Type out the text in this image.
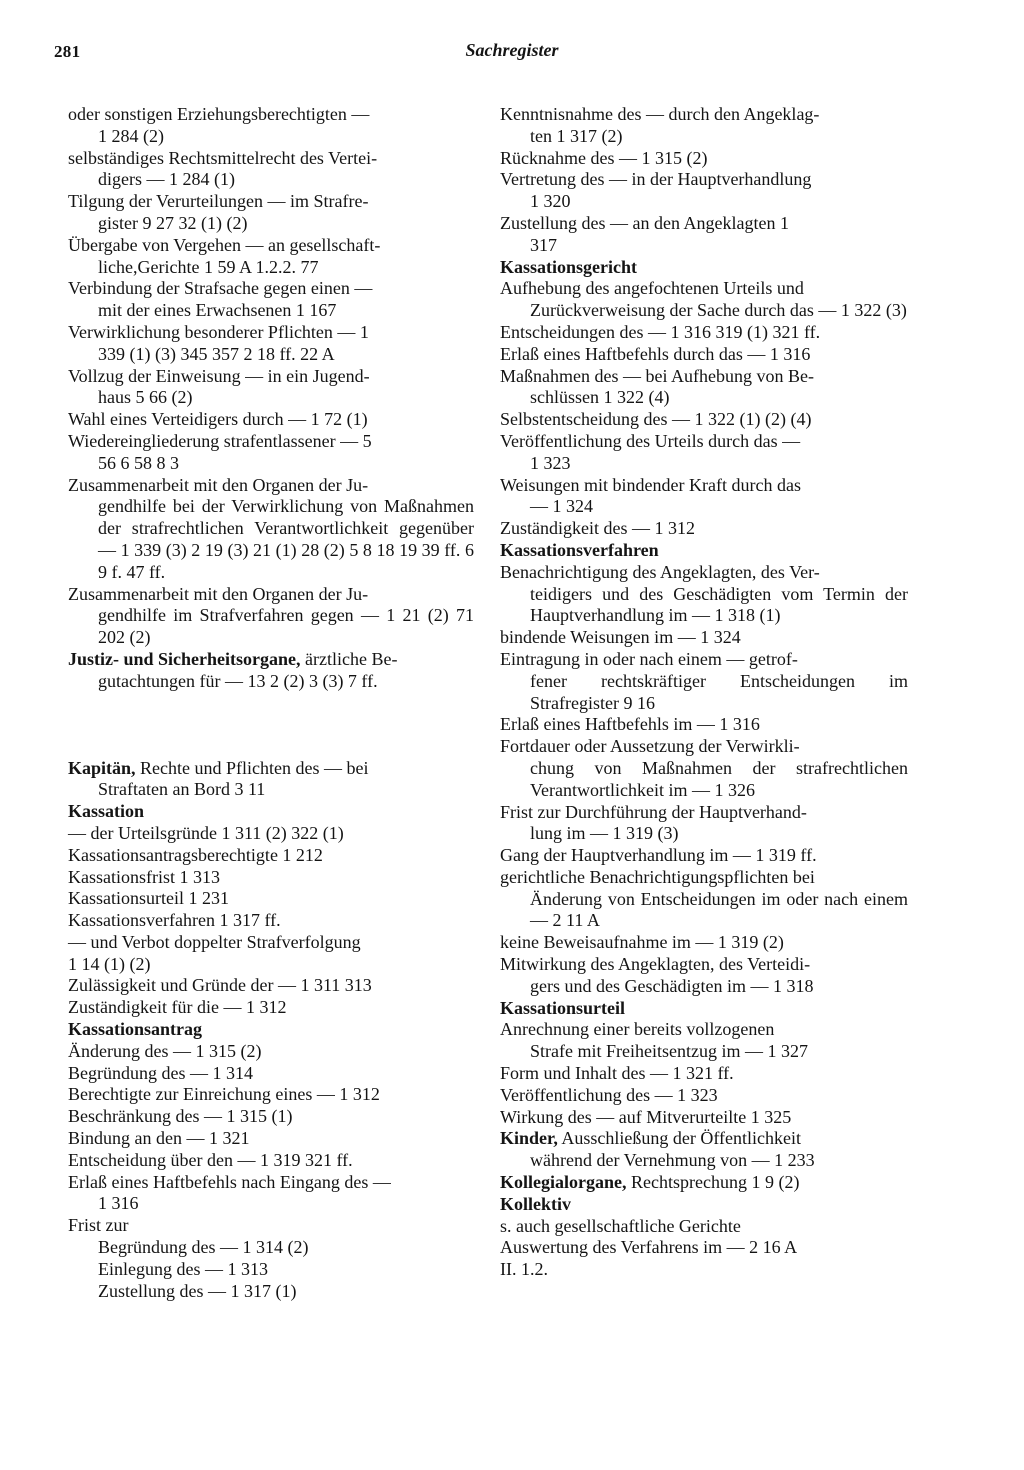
281	Sachregister
oder sonstigen Erziehungsberechtigten —
1 284 (2)
selbständiges Rechtsmittelrecht des Vertei-
digers — 1 284 (1)
Tilgung der Verurteilungen — im Strafre-
gister 9 27 32 (1) (2)
Übergabe von Vergehen — an gesellschaft-
liche,Gerichte 1 59 A 1.2.2. 77
Verbindung der Strafsache gegen einen —
mit der eines Erwachsenen 1 167
Verwirklichung besonderer Pflichten — 1
339 (1) (3) 345 357 2 18 ff. 22 A
Vollzug der Einweisung — in ein Jugend-
haus 5 66 (2)
Wahl eines Verteidigers durch — 1 72 (1)
Wiedereingliederung strafentlassener — 5
56 6 58 8 3
Zusammenarbeit mit den Organen der Ju-
gendhilfe bei der Verwirklichung von Maßnahmen der strafrechtlichen Verantwortlichkeit gegenüber — 1 339 (3) 2 19 (3) 21 (1) 28 (2) 5 8 18 19 39 ff. 6 9 f. 47 ff.
Zusammenarbeit mit den Organen der Ju-
gendhilfe im Strafverfahren gegen — 1 21 (2) 71 202 (2)
Justiz- und Sicherheitsorgane, ärztliche Be-
gutachtungen für — 13 2 (2) 3 (3) 7 ff.
Kapitän, Rechte und Pflichten des — bei
Straftaten an Bord 3 11
Kassation
— der Urteilsgründe 1 311 (2) 322 (1)
Kassationsantragsberechtigte 1 212
Kassationsfrist 1 313
Kassationsurteil 1 231
Kassationsverfahren 1 317 ff.
— und Verbot doppelter Strafverfolgung
1 14 (1) (2)
Zulässigkeit und Gründe der — 1 311 313
Zuständigkeit für die — 1 312
Kassationsantrag
Änderung des — 1 315 (2)
Begründung des — 1 314
Berechtigte zur Einreichung eines — 1 312
Beschränkung des — 1 315 (1)
Bindung an den — 1 321
Entscheidung über den — 1 319 321 ff.
Erlaß eines Haftbefehls nach Eingang des —
1 316
Frist zur
Begründung des — 1 314 (2)
Einlegung des — 1 313
Zustellung des — 1 317 (1)
Kenntnisnahme des — durch den Angeklag-
ten 1 317 (2)
Rücknahme des — 1 315 (2)
Vertretung des — in der Hauptverhandlung
1 320
Zustellung des — an den Angeklagten 1
317
Kassationsgericht
Aufhebung des angefochtenen Urteils und
Zurückverweisung der Sache durch das — 1 322 (3)
Entscheidungen des — 1 316 319 (1) 321 ff.
Erlaß eines Haftbefehls durch das — 1 316
Maßnahmen des — bei Aufhebung von Be-
schlüssen 1 322 (4)
Selbstentscheidung des — 1 322 (1) (2) (4)
Veröffentlichung des Urteils durch das —
1 323
Weisungen mit bindender Kraft durch das
— 1 324
Zuständigkeit des — 1 312
Kassationsverfahren
Benachrichtigung des Angeklagten, des Ver-
teidigers und des Geschädigten vom Termin der Hauptverhandlung im — 1 318 (1)
bindende Weisungen im — 1 324
Eintragung in oder nach einem — getrof-
fener rechtskräftiger Entscheidungen im Strafregister 9 16
Erlaß eines Haftbefehls im — 1 316
Fortdauer oder Aussetzung der Verwirkli-
chung von Maßnahmen der strafrechtlichen Verantwortlichkeit im — 1 326
Frist zur Durchführung der Hauptverhand-
lung im — 1 319 (3)
Gang der Hauptverhandlung im — 1 319 ff.
gerichtliche Benachrichtigungspflichten bei
Änderung von Entscheidungen im oder nach einem — 2 11 A
keine Beweisaufnahme im — 1 319 (2)
Mitwirkung des Angeklagten, des Verteidi-
gers und des Geschädigten im — 1 318
Kassationsurteil
Anrechnung einer bereits vollzogenen
Strafe mit Freiheitsentzug im — 1 327
Form und Inhalt des — 1 321 ff.
Veröffentlichung des — 1 323
Wirkung des — auf Mitverurteilte 1 325
Kinder, Ausschließung der Öffentlichkeit
während der Vernehmung von — 1 233
Kollegialorgane, Rechtsprechung 1 9 (2)
Kollektiv
s. auch gesellschaftliche Gerichte
Auswertung des Verfahrens im — 2 16 A
II. 1.2.
